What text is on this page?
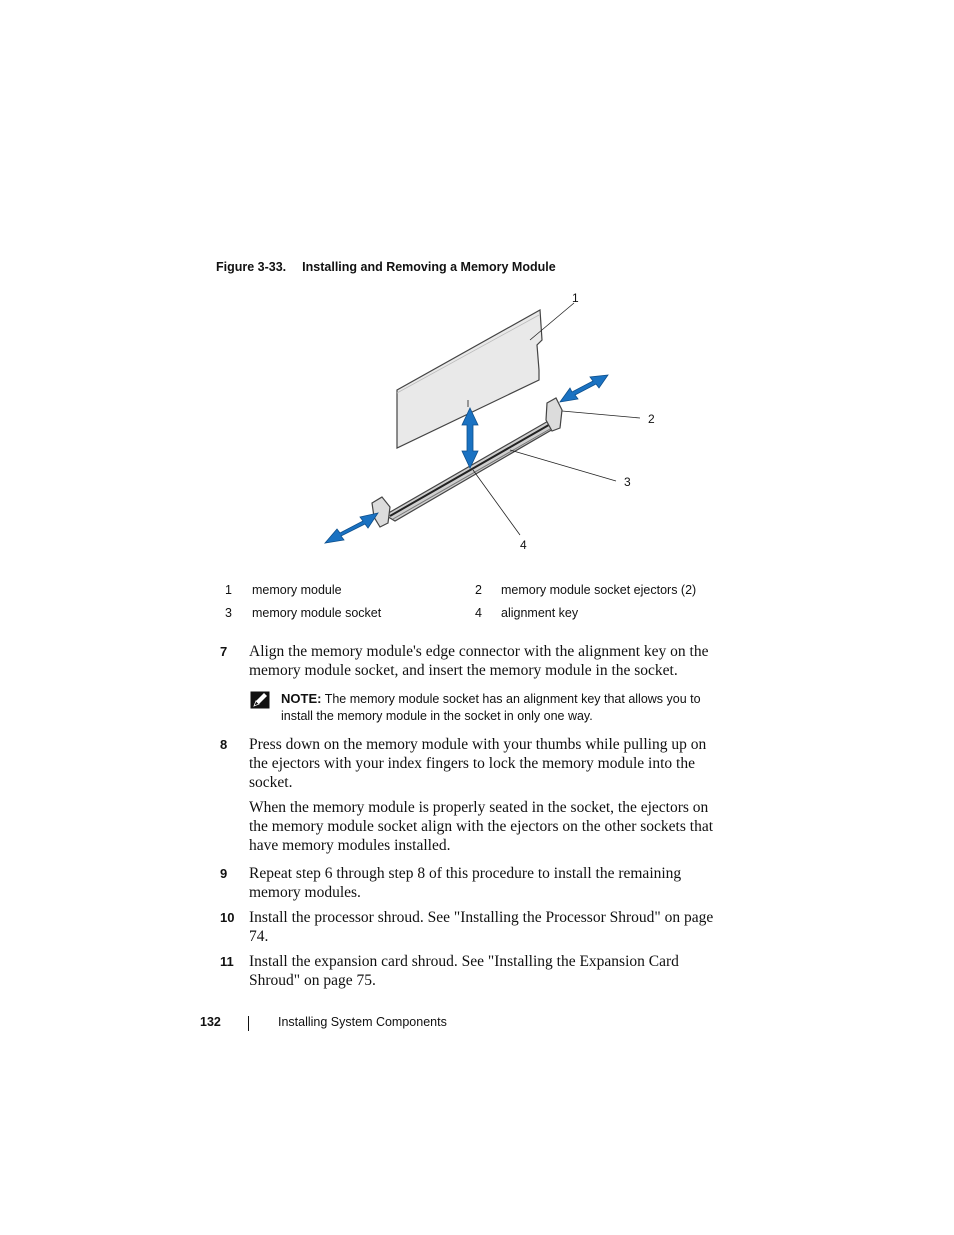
Figure 3-33. Installing and Removing a Memory Module
1
2
3
4
1 memory module	2 memory module socket ejectors (2)
3 memory module socket	4 alignment key
7 Align the memory module's edge connector with the alignment key on the memory module socket, and insert the memory module in the socket.
NOTE: The memory module socket has an alignment key that allows you to install the memory module in the socket in only one way.
8 Press down on the memory module with your thumbs while pulling up on the ejectors with your index fingers to lock the memory module into the socket.
When the memory module is properly seated in the socket, the ejectors on the memory module socket align with the ejectors on the other sockets that have memory modules installed.
9 Repeat step 6 through step 8 of this procedure to install the remaining memory modules.
10 Install the processor shroud. See "Installing the Processor Shroud" on page 74.
11 Install the expansion card shroud. See "Installing the Expansion Card Shroud" on page 75.
132	Installing System Components
